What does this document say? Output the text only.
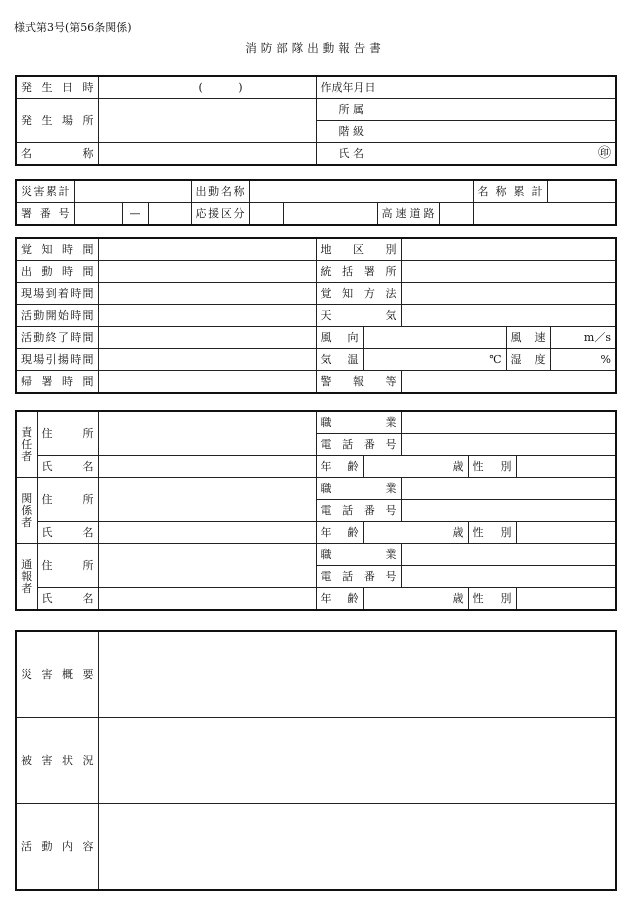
様式第3号(第56条関係)
消防部隊出動報告書
発 生 日 時	( )	作成年月日	
発 生 場 所		所 属	
		階 級	
名 称		氏 名	㊞
災害累計				出動名称					名称累計	
署 番 号		—		応援区分			高速道路			
覚 知 時 間		地 区 別				
出 動 時 間		統 括 署 所				
現場到着時間		覚 知 方 法				
活動開始時間		天 気				
活動終了時間		風 向			風 速	m／s
現場引揚時間		気 温	℃		湿 度	%
帰 署 時 間		警 報 等				
責任者	住 所		職 業				
			電 話 番 号				
	氏 名		年 齢	歳		性 別	
関係者	住 所		職 業				
			電 話 番 号				
	氏 名		年 齢	歳		性 別	
通報者	住 所		職 業				
			電 話 番 号				
	氏 名		年 齢	歳		性 別	
災 害 概 要	
被 害 状 況	
活 動 内 容	
